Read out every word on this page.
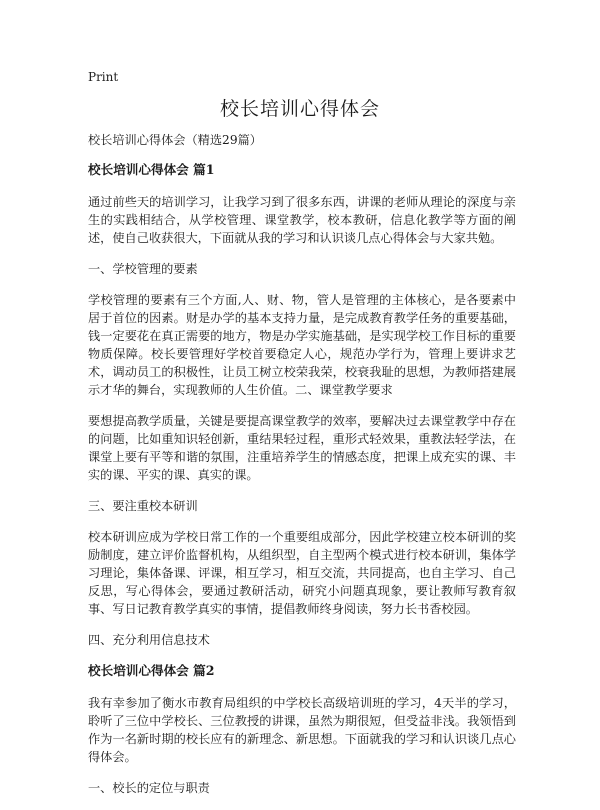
Print
校长培训心得体会

校长培训心得体会（精选29篇）

校长培训心得体会 篇1

通过前些天的培训学习，让我学习到了很多东西，讲课的老师从理论的深度与亲生的实践相结合，从学校管理、课堂教学，校本教研，信息化教学等方面的阐述，使自己收获很大，下面就从我的学习和认识谈几点心得体会与大家共勉。

一、学校管理的要素

学校管理的要素有三个方面,人、财、物，管人是管理的主体核心，是各要素中居于首位的因素。财是办学的基本支持力量，是完成教育教学任务的重要基础，钱一定要花在真正需要的地方，物是办学实施基础，是实现学校工作目标的重要物质保障。校长要管理好学校首要稳定人心，规范办学行为，管理上要讲求艺术，调动员工的积极性，让员工树立校荣我荣，校衰我耻的思想，为教师搭建展示才华的舞台，实现教师的人生价值。二、课堂教学要求

要想提高教学质量，关键是要提高课堂教学的效率，要解决过去课堂教学中存在的问题，比如重知识轻创新，重结果轻过程，重形式轻效果，重教法轻学法，在课堂上要有平等和谐的氛围，注重培养学生的情感态度，把课上成充实的课、丰实的课、平实的课、真实的课。

三、要注重校本研训

校本研训应成为学校日常工作的一个重要组成部分，因此学校建立校本研训的奖励制度，建立评价监督机构，从组织型，自主型两个模式进行校本研训，集体学习理论，集体备课、评课，相互学习，相互交流，共同提高，也自主学习、自己反思，写心得体会，要通过教研活动，研究小问题真现象，要让教师写教育叙事、写日记教育教学真实的事情，提倡教师终身阅读，努力长书香校园。

四、充分利用信息技术

校长培训心得体会 篇2

我有幸参加了衡水市教育局组织的中学校长高级培训班的学习，4天半的学习，聆听了三位中学校长、三位教授的讲课，虽然为期很短，但受益非浅。我领悟到作为一名新时期的校长应有的新理念、新思想。下面就我的学习和认识谈几点心得体会。

一、校长的定位与职责
